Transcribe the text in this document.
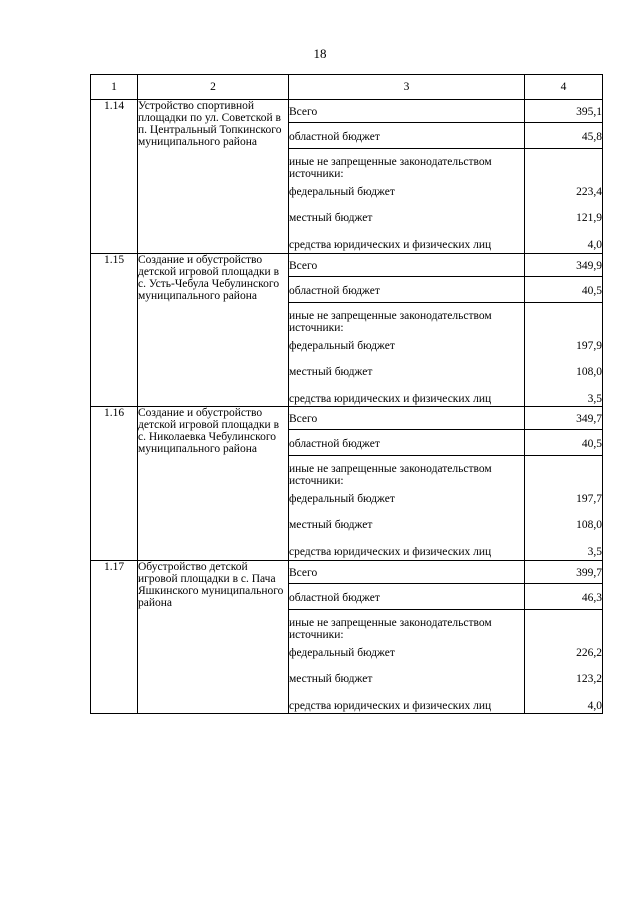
18
1	2	3	4
1.14	Устройство спортивной площадки по ул. Советской в п. Центральный Топкинского муниципального района	Всего	395,1
		областной бюджет	45,8
		иные не запрещенные законодательством источники:	
		федеральный бюджет	223,4
		местный бюджет	121,9
		средства юридических и физических лиц	4,0
1.15	Создание и обустройство детской игровой площадки в с. Усть-Чебула Чебулинского муниципального района	Всего	349,9
		областной бюджет	40,5
		иные не запрещенные законодательством источники:	
		федеральный бюджет	197,9
		местный бюджет	108,0
		средства юридических и физических лиц	3,5
1.16	Создание и обустройство детской игровой площадки в с. Николаевка Чебулинского муниципального района	Всего	349,7
		областной бюджет	40,5
		иные не запрещенные законодательством источники:	
		федеральный бюджет	197,7
		местный бюджет	108,0
		средства юридических и физических лиц	3,5
1.17	Обустройство детской игровой площадки в с. Пача Яшкинского муниципального района	Всего	399,7
		областной бюджет	46,3
		иные не запрещенные законодательством источники:	
		федеральный бюджет	226,2
		местный бюджет	123,2
		средства юридических и физических лиц	4,0
